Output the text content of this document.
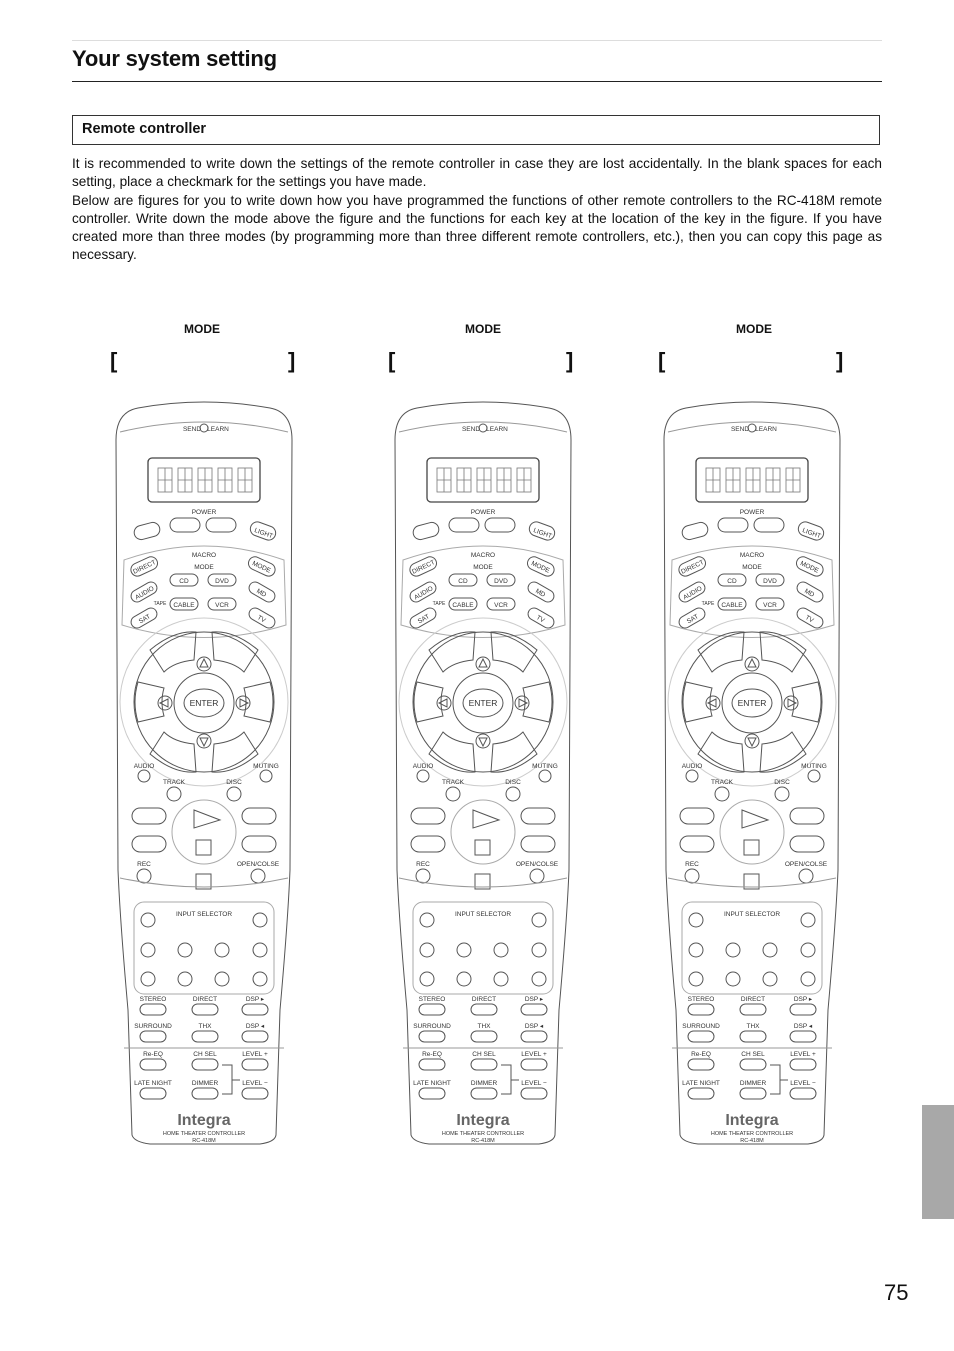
Your system setting
Remote controller
It is recommended to write down the settings of the remote controller in case they are lost accidentally. In the blank spaces for each setting, place a checkmark for the settings you have made.
Below are figures for you to write down how you have programmed the functions of other remote controllers to the RC-418M remote controller. Write down the mode above the figure and the functions for each key at the location of the key in the figure. If you have created more than three modes (by programming more than three different remote controllers, etc.), then you can copy this page as necessary.
MODE
[	]
MODE
[	]
MODE
[	]
SEND LEARN
POWER
LIGHT
MACRO
MODE
DIRECT	MODE
CD	DVD
AUDIO	MD
TAPE CABLE	VCR
SAT	TV
ENTER
AUDIO	MUTING
TRACK	DISC
REC	OPEN/COLSE
INPUT SELECTOR
STEREO	DIRECT	DSP ▸
SURROUND	THX	DSP ◂
Re-EQ	CH SEL	LEVEL +
LATE NIGHT	DIMMER	LEVEL −
Integra
HOME THEATER CONTROLLER
RC-418M
SEND LEARN
POWER
LIGHT
MACRO
MODE
DIRECT	MODE
CD	DVD
AUDIO	MD
TAPE CABLE	VCR
SAT	TV
ENTER
AUDIO	MUTING
TRACK	DISC
REC	OPEN/COLSE
INPUT SELECTOR
STEREO	DIRECT	DSP ▸
SURROUND	THX	DSP ◂
Re-EQ	CH SEL	LEVEL +
LATE NIGHT	DIMMER	LEVEL −
Integra
HOME THEATER CONTROLLER
RC-418M
SEND LEARN
POWER
LIGHT
MACRO
MODE
DIRECT	MODE
CD	DVD
AUDIO	MD
TAPE CABLE	VCR
SAT	TV
ENTER
AUDIO	MUTING
TRACK	DISC
REC	OPEN/COLSE
INPUT SELECTOR
STEREO	DIRECT	DSP ▸
SURROUND	THX	DSP ◂
Re-EQ	CH SEL	LEVEL +
LATE NIGHT	DIMMER	LEVEL −
Integra
HOME THEATER CONTROLLER
RC-418M
75
